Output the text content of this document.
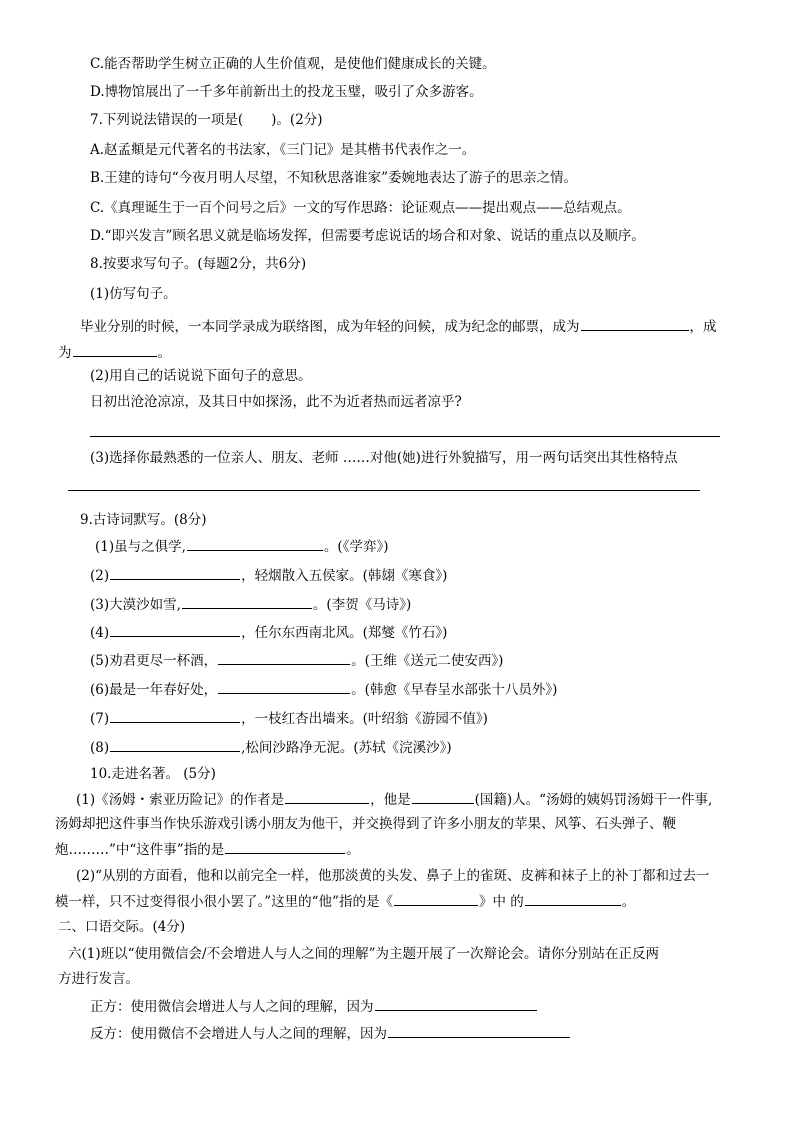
C.能否帮助学生树立正确的人生价值观，是使他们健康成长的关键。
D.博物馆展出了一千多年前新出土的投龙玉璧，吸引了众多游客。
7.下列说法错误的一项是( )。(2分)
A.赵孟頫是元代著名的书法家，《三门记》是其楷书代表作之一。
B.王建的诗句“今夜月明人尽望，不知秋思落谁家”委婉地表达了游子的思亲之情。
C.《真理诞生于一百个问号之后》一文的写作思路：论证观点——提出观点——总结观点。
D.“即兴发言”顾名思义就是临场发挥，但需要考虑说话的场合和对象、说话的重点以及顺序。
8.按要求写句子。(每题2分，共6分)
(1)仿写句子。
毕业分别的时候，一本同学录成为联络图，成为年轻的问候，成为纪念的邮票，成为	，成
为	。
(2)用自己的话说说下面句子的意思。
日初出沧沧凉凉，及其日中如探汤，此不为近者热而远者凉乎?
(3)选择你最熟悉的一位亲人、朋友、老师 ……对他(她)进行外貌描写，用一两句话突出其性格特点
9.古诗词默写。(8分)
(1)虽与之俱学,	。(《学弈》)
(2)	，轻烟散入五侯家。(韩翃《寒食》)
(3)大漠沙如雪,	。(李贺《马诗》)
(4)	，任尔东西南北风。(郑燮《竹石》)
(5)劝君更尽一杯酒，	。(王维《送元二使安西》)
(6)最是一年春好处，	。(韩愈《早春呈水部张十八员外》)
(7)	，一枝红杏出墙来。(叶绍翁《游园不值》)
(8)	,松间沙路净无泥。(苏轼《浣溪沙》)
10.走进名著。 (5分)
(1)《汤姆・索亚历险记》的作者是	，他是	(国籍)人。“汤姆的姨妈罚汤姆干一件事,
汤姆却把这件事当作快乐游戏引诱小朋友为他干，并交换得到了许多小朋友的苹果、风筝、石头弹子、鞭
炮………”中“这件事”指的是	。
(2)“从别的方面看，他和以前完全一样，他那淡黄的头发、鼻子上的雀斑、皮裤和袜子上的补丁都和过去一
模一样，只不过变得很小很小罢了。”这里的“他”指的是《	》中 的	。
二、口语交际。(4分)
六(1)班以“使用微信会/不会增进人与人之间的理解”为主题开展了一次辩论会。请你分别站在正反两
方进行发言。
正方：使用微信会增进人与人之间的理解，因为
反方：使用微信不会增进人与人之间的理解，因为
